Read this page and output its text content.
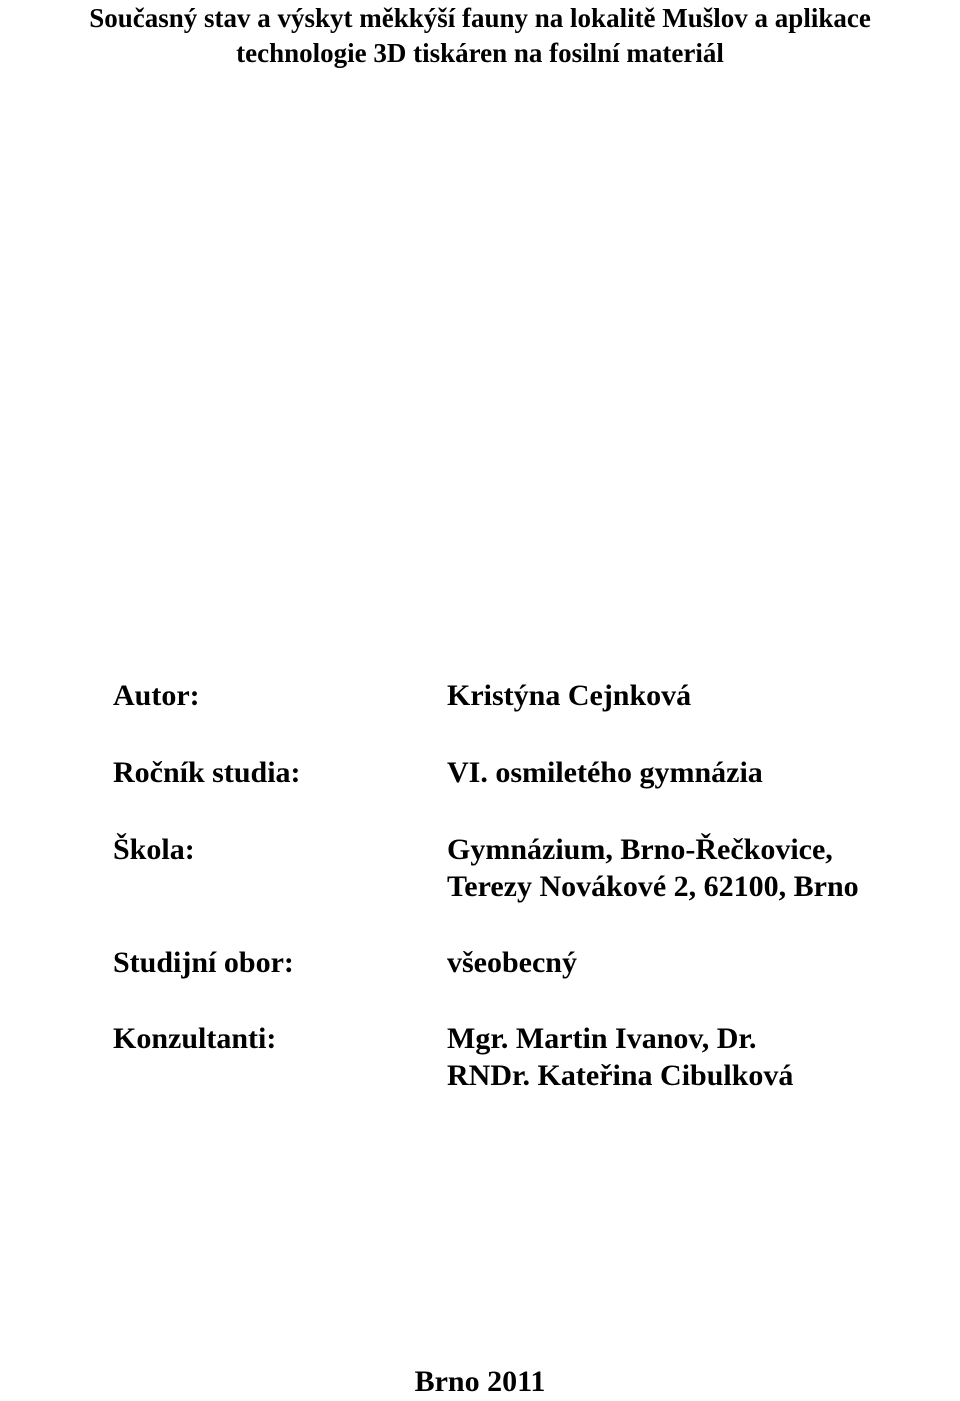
Současný stav a výskyt měkkýší fauny na lokalitě Mušlov a aplikace
technologie 3D tiskáren na fosilní materiál
Autor:	Kristýna Cejnková
Ročník studia:	VI. osmiletého gymnázia
Škola:	Gymnázium, Brno-Řečkovice,
Terezy Novákové 2, 62100, Brno
Studijní obor:	všeobecný
Konzultanti:	Mgr. Martin Ivanov, Dr.
RNDr. Kateřina Cibulková
Brno 2011
